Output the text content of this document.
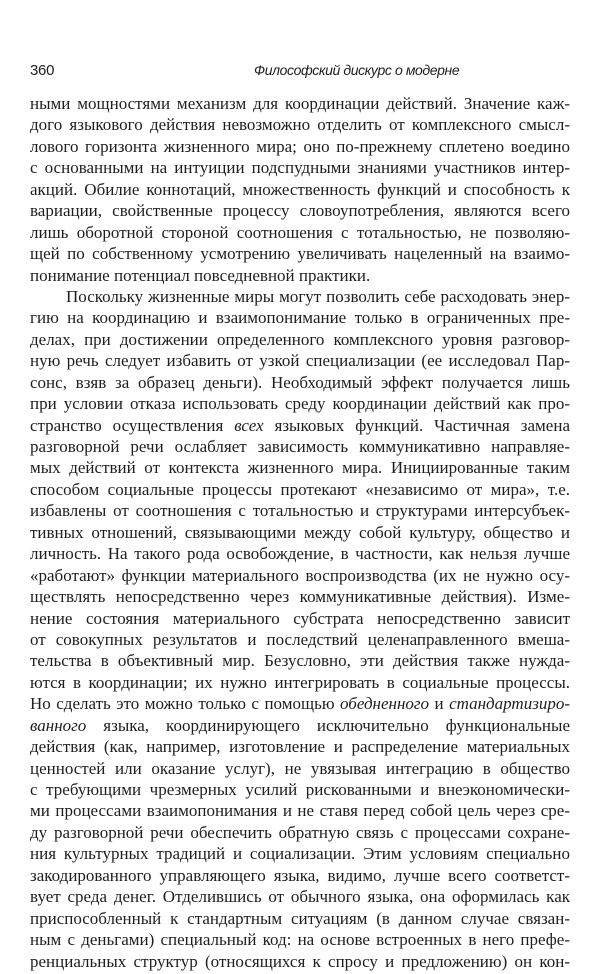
360	Философский дискурс о модерне
ными мощностями механизм для координации действий. Значение каж-
дого языкового действия невозможно отделить от комплексного смысл-
лового горизонта жизненного мира; оно по-прежнему сплетено воедино
с основанными на интуиции подспудными знаниями участников интер-
акций. Обилие коннотаций, множественность функций и способность к
вариации, свойственные процессу словоупотребления, являются всего
лишь оборотной стороной соотношения с тотальностью, не позволяю-
щей по собственному усмотрению увеличивать нацеленный на взаимо-
понимание потенциал повседневной практики.
Поскольку жизненные миры могут позволить себе расходовать энер-
гию на координацию и взаимопонимание только в ограниченных пре-
делах, при достижении определенного комплексного уровня разговор-
ную речь следует избавить от узкой специализации (ее исследовал Пар-
сонс, взяв за образец деньги). Необходимый эффект получается лишь
при условии отказа использовать среду координации действий как про-
странство осуществления всех языковых функций. Частичная замена
разговорной речи ослабляет зависимость коммуникативно направляе-
мых действий от контекста жизненного мира. Инициированные таким
способом социальные процессы протекают «независимо от мира», т.е.
избавлены от соотношения с тотальностью и структурами интерсубъек-
тивных отношений, связывающими между собой культуру, общество и
личность. На такого рода освобождение, в частности, как нельзя лучше
«работают» функции материального воспроизводства (их не нужно осу-
ществлять непосредственно через коммуникативные действия). Изме-
нение состояния материального субстрата непосредственно зависит
от совокупных результатов и последствий целенаправленного вмеша-
тельства в объективный мир. Безусловно, эти действия также нужда-
ются в координации; их нужно интегрировать в социальные процессы.
Но сделать это можно только с помощью обедненного и стандартизиро-
ванного языка, координирующего исключительно функциональные
действия (как, например, изготовление и распределение материальных
ценностей или оказание услуг), не увязывая интеграцию в общество
с требующими чрезмерных усилий рискованными и внеэкономически-
ми процессами взаимопонимания и не ставя перед собой цель через сре-
ду разговорной речи обеспечить обратную связь с процессами сохране-
ния культурных традиций и социализации. Этим условиям специально
закодированного управляющего языка, видимо, лучше всего соответст-
вует среда денег. Отделившись от обычного языка, она оформилась как
приспособленный к стандартным ситуациям (в данном случае связан-
ным с деньгами) специальный код: на основе встроенных в него префе-
ренциальных структур (относящихся к спросу и предложению) он кон-
